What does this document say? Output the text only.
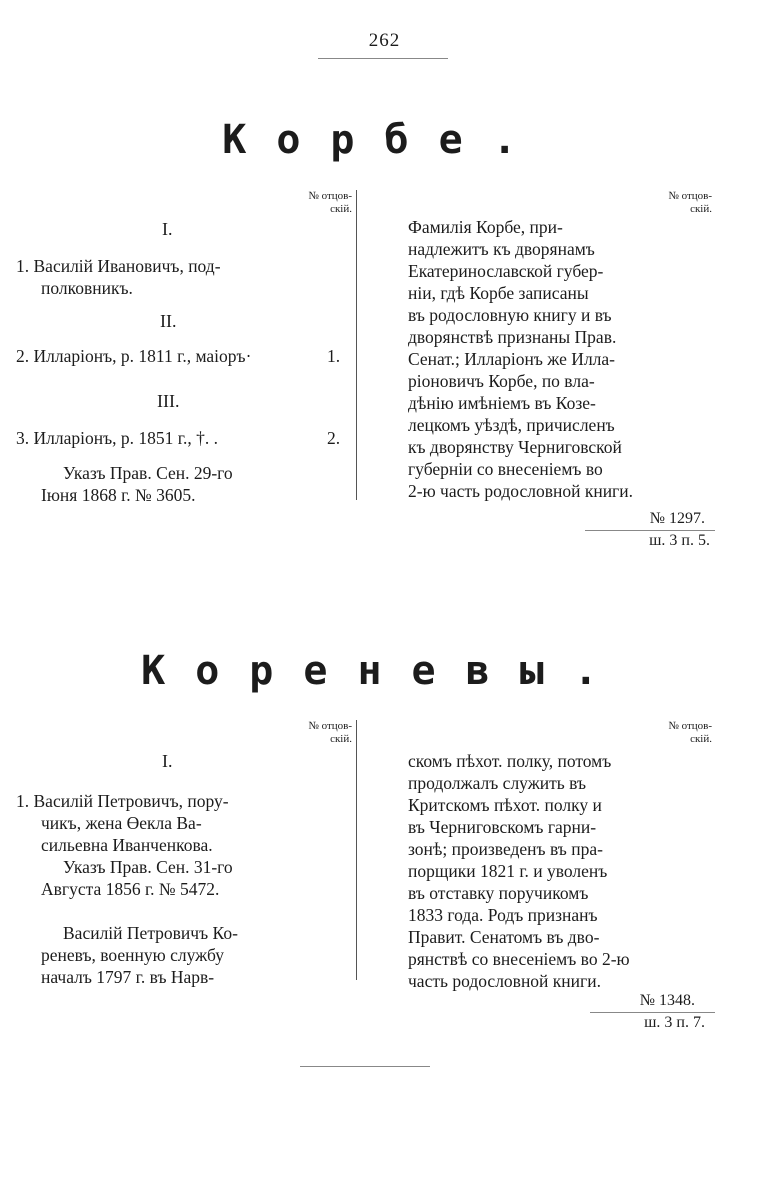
262
Корбе.
№ отцов-
скій.
I.
1. Василій Ивановичъ, под-
полковникъ.
II.
2. Илларіонъ, р. 1811 г., маіоръ·	1.
III.
3. Илларіонъ, р. 1851 г., †. .	2.
Указъ Прав. Сен. 29-го
Іюня 1868 г. № 3605.
№ отцов-
скій.
Фамилія Корбе, при-
надлежитъ къ дворянамъ
Екатеринославской губер-
ніи, гдѣ Корбе записаны
въ родословную книгу и въ
дворянствѣ признаны Прав.
Сенат.; Илларіонъ же Илла-
ріоновичъ Корбе, по вла-
дѣнію имѣніемъ въ Козе-
лецкомъ уѣздѣ, причисленъ
къ дворянству Черниговской
губерніи со внесеніемъ во
2-ю часть родословной книги.
№ 1297.
ш. 3 п. 5.
Кореневы.
№ отцов-
скій.
I.
1. Василій Петровичъ, пору-
чикъ, жена Өекла Ва-
сильевна Иванченкова.
Указъ Прав. Сен. 31-го
Августа 1856 г. № 5472.
Василій Петровичъ Ко-
реневъ, военную службу
началъ 1797 г. въ Нарв-
№ отцов-
скій.
скомъ пѣхот. полку, потомъ
продолжалъ служить въ
Критскомъ пѣхот. полку и
въ Черниговскомъ гарни-
зонѣ; произведенъ въ пра-
порщики 1821 г. и уволенъ
въ отставку поручикомъ
1833 года. Родъ признанъ
Правит. Сенатомъ въ дво-
рянствѣ со внесеніемъ во 2-ю
часть родословной книги.
№ 1348.
ш. 3 п. 7.
